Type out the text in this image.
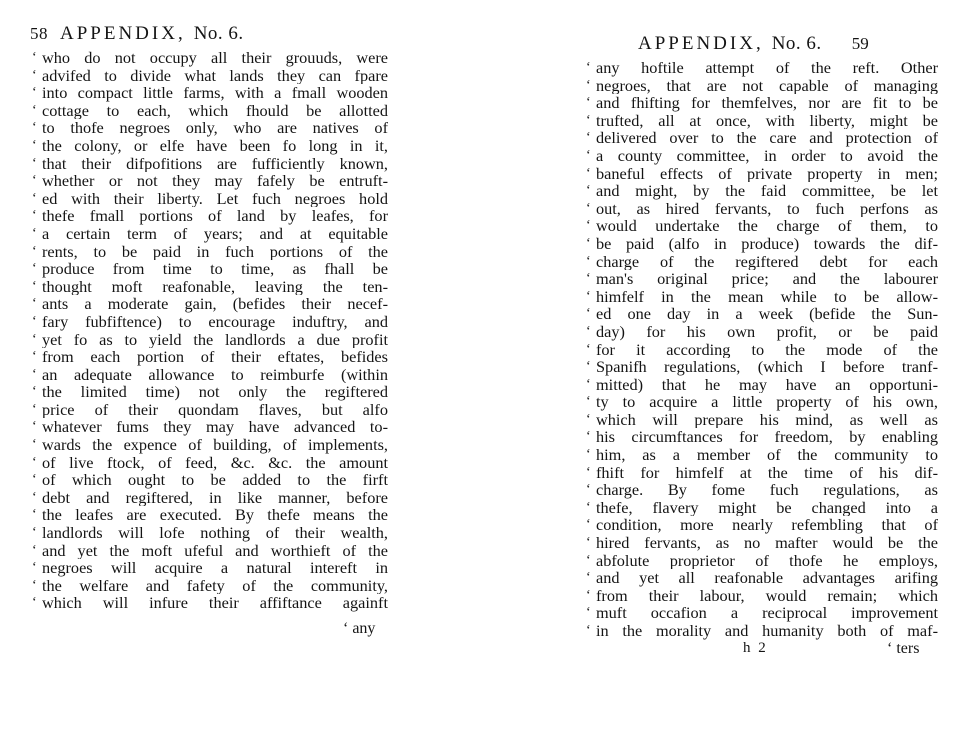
58 APPENDIX, No. 6.
‘ who do not occupy all their grouuds, were
‘ advifed to divide what lands they can fpare
‘ into compact little farms, with a fmall wooden
‘ cottage to each, which fhould be allotted
‘ to thofe negroes only, who are natives of
‘ the colony, or elfe have been fo long in it,
‘ that their difpofitions are fufficiently known,
‘ whether or not they may fafely be entruft-
‘ ed with their liberty. Let fuch negroes hold
‘ thefe fmall portions of land by leafes, for
‘ a certain term of years; and at equitable
‘ rents, to be paid in fuch portions of the
‘ produce from time to time, as fhall be
‘ thought moft reafonable, leaving the ten-
‘ ants a moderate gain, (befides their necef-
‘ fary fubfiftence) to encourage induftry, and
‘ yet fo as to yield the landlords a due profit
‘ from each portion of their eftates, befides
‘ an adequate allowance to reimburfe (within
‘ the limited time) not only the regiftered
‘ price of their quondam flaves, but alfo
‘ whatever fums they may have advanced to-
‘ wards the expence of building, of implements,
‘ of live ftock, of feed, &c. &c. the amount
‘ of which ought to be added to the firft
‘ debt and regiftered, in like manner, before
‘ the leafes are executed. By thefe means the
‘ landlords will lofe nothing of their wealth,
‘ and yet the moft ufeful and worthieft of the
‘ negroes will acquire a natural intereft in
‘ the welfare and fafety of the community,
‘ which will infure their affiftance againft
‘ any
APPENDIX, No. 6. 59
‘ any hoftile attempt of the reft. Other
‘ negroes, that are not capable of managing
‘ and fhifting for themfelves, nor are fit to be
‘ trufted, all at once, with liberty, might be
‘ delivered over to the care and protection of
‘ a county committee, in order to avoid the
‘ baneful effects of private property in men;
‘ and might, by the faid committee, be let
‘ out, as hired fervants, to fuch perfons as
‘ would undertake the charge of them, to
‘ be paid (alfo in produce) towards the dif-
‘ charge of the regiftered debt for each
‘ man's original price; and the labourer
‘ himfelf in the mean while to be allow-
‘ ed one day in a week (befide the Sun-
‘ day) for his own profit, or be paid
‘ for it according to the mode of the
‘ Spanifh regulations, (which I before tranf-
‘ mitted) that he may have an opportuni-
‘ ty to acquire a little property of his own,
‘ which will prepare his mind, as well as
‘ his circumftances for freedom, by enabling
‘ him, as a member of the community to
‘ fhift for himfelf at the time of his dif-
‘ charge. By fome fuch regulations, as
‘ thefe, flavery might be changed into a
‘ condition, more nearly refembling that of
‘ hired fervants, as no mafter would be the
‘ abfolute proprietor of thofe he employs,
‘ and yet all reafonable advantages arifing
‘ from their labour, would remain; which
‘ muft occafion a reciprocal improvement
‘ in the morality and humanity both of maf-
h 2	‘ ters
